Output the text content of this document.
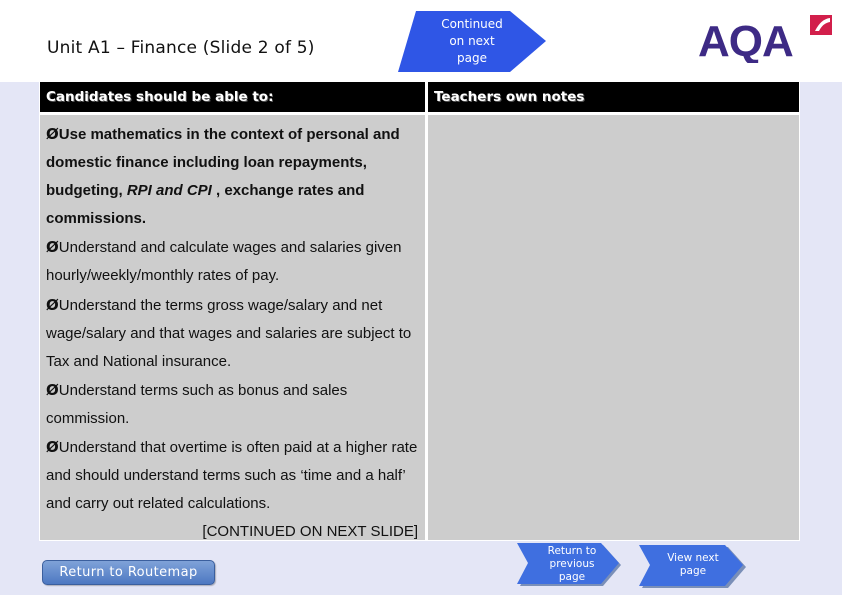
Unit A1 – Finance (Slide 2 of 5)
Continued
on next
page	AQA
Candidates should be able to:	Teachers own notes

ØUse mathematics in the context of personal and domestic finance including loan repayments, budgeting, RPI and CPI , exchange rates and commissions.

ØUnderstand and calculate wages and salaries given hourly/weekly/monthly rates of pay.

ØUnderstand the terms gross wage/salary and net wage/salary and that wages and salaries are subject to Tax and National insurance.

ØUnderstand terms such as bonus and sales commission.

ØUnderstand that overtime is often paid at a higher rate and should understand terms such as ‘time and a half’ and carry out related calculations.

[CONTINUED ON NEXT SLIDE]

Return to Routemap
Return to
previous
page
View next
page
